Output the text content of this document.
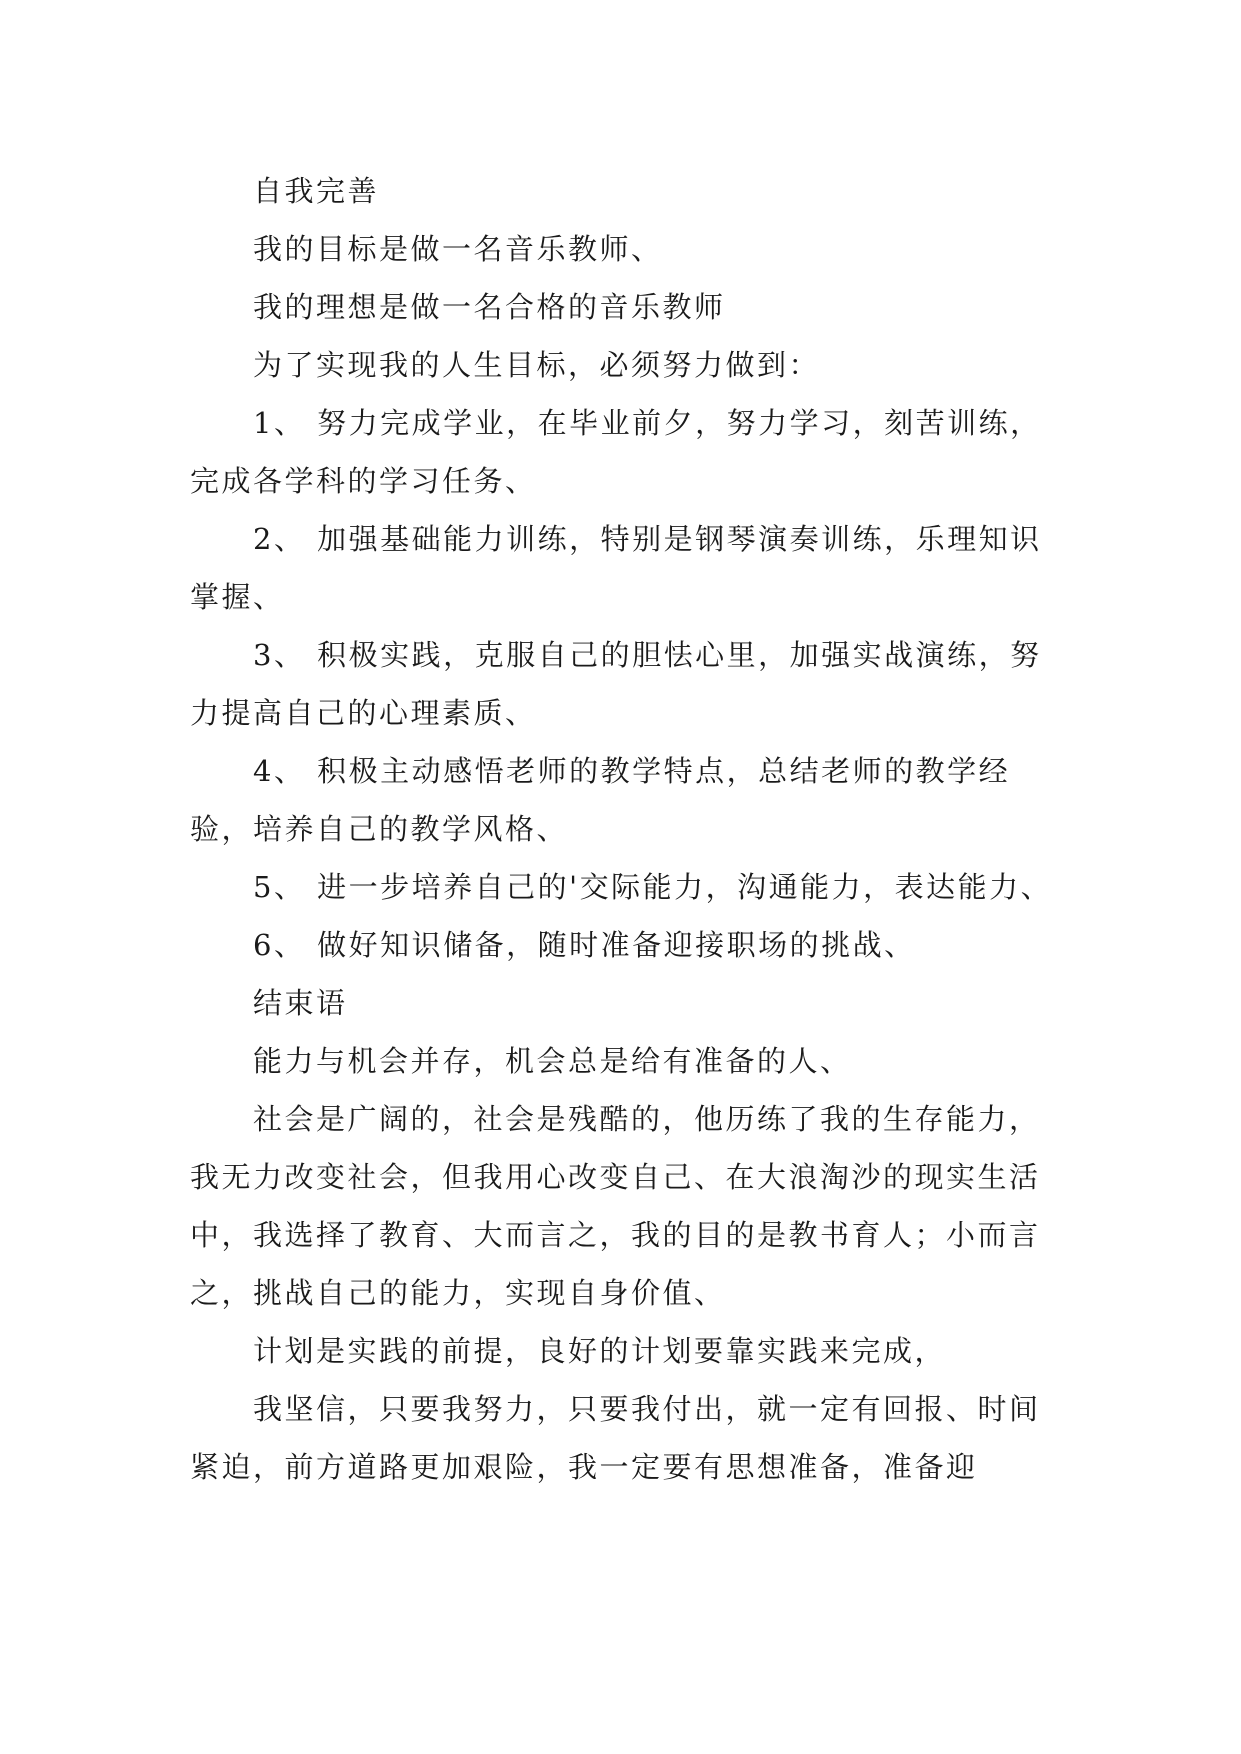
自我完善

我的目标是做一名音乐教师、

我的理想是做一名合格的音乐教师

为了实现我的人生目标，必须努力做到：

1、 努力完成学业，在毕业前夕，努力学习，刻苦训练，完成各学科的学习任务、

2、 加强基础能力训练，特别是钢琴演奏训练，乐理知识掌握、

3、 积极实践，克服自己的胆怯心里，加强实战演练，努力提高自己的心理素质、

4、 积极主动感悟老师的教学特点，总结老师的教学经验，培养自己的教学风格、

5、 进一步培养自己的'交际能力，沟通能力，表达能力、

6、 做好知识储备，随时准备迎接职场的挑战、

结束语

能力与机会并存，机会总是给有准备的人、

社会是广阔的，社会是残酷的，他历练了我的生存能力，我无力改变社会，但我用心改变自己、在大浪淘沙的现实生活中，我选择了教育、大而言之，我的目的是教书育人；小而言之，挑战自己的能力，实现自身价值、

计划是实践的前提，良好的计划要靠实践来完成，

我坚信，只要我努力，只要我付出，就一定有回报、时间紧迫，前方道路更加艰险，我一定要有思想准备，准备迎
